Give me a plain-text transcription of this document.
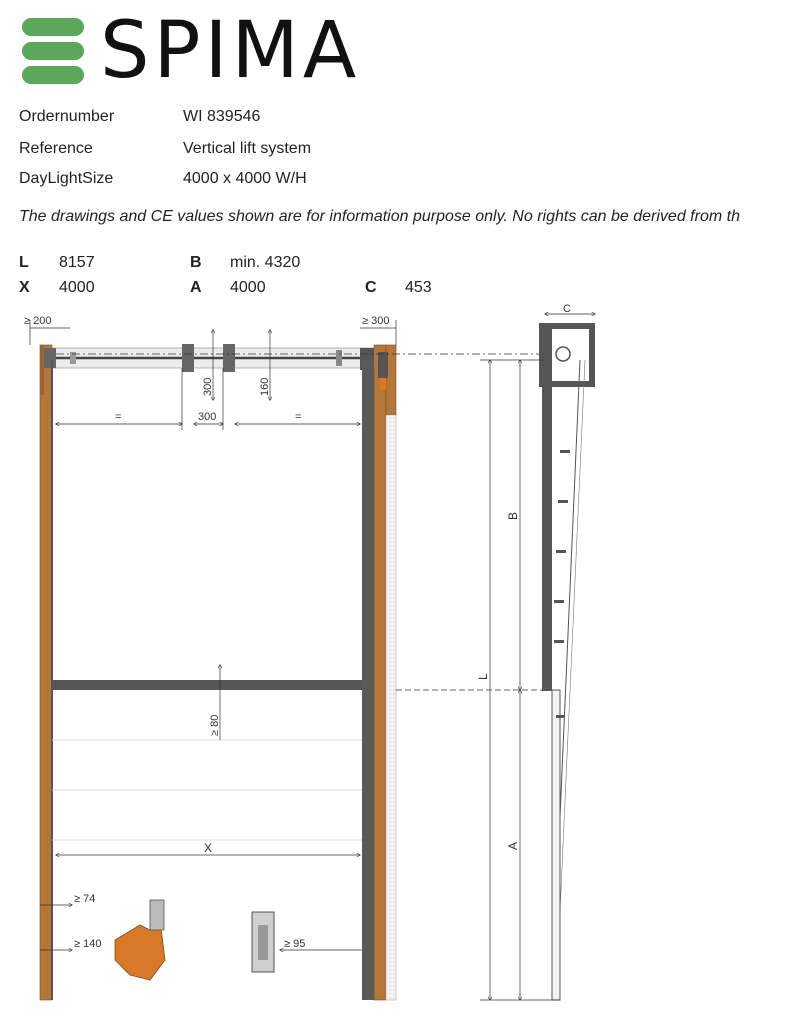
SPIMA
Ordernumber	WI 839546
Reference	Vertical lift system
DayLightSize	4000 x 4000 W/H
The drawings and CE values shown are for information purpose only. No rights can be derived from th
L 8157	B min. 4320
X 4000	A 4000	C 453
≥ 200	≥ 300
C
=	=
300
300	160
≥ 80
X
≥ 74
≥ 140	≥ 95
B
L
A
